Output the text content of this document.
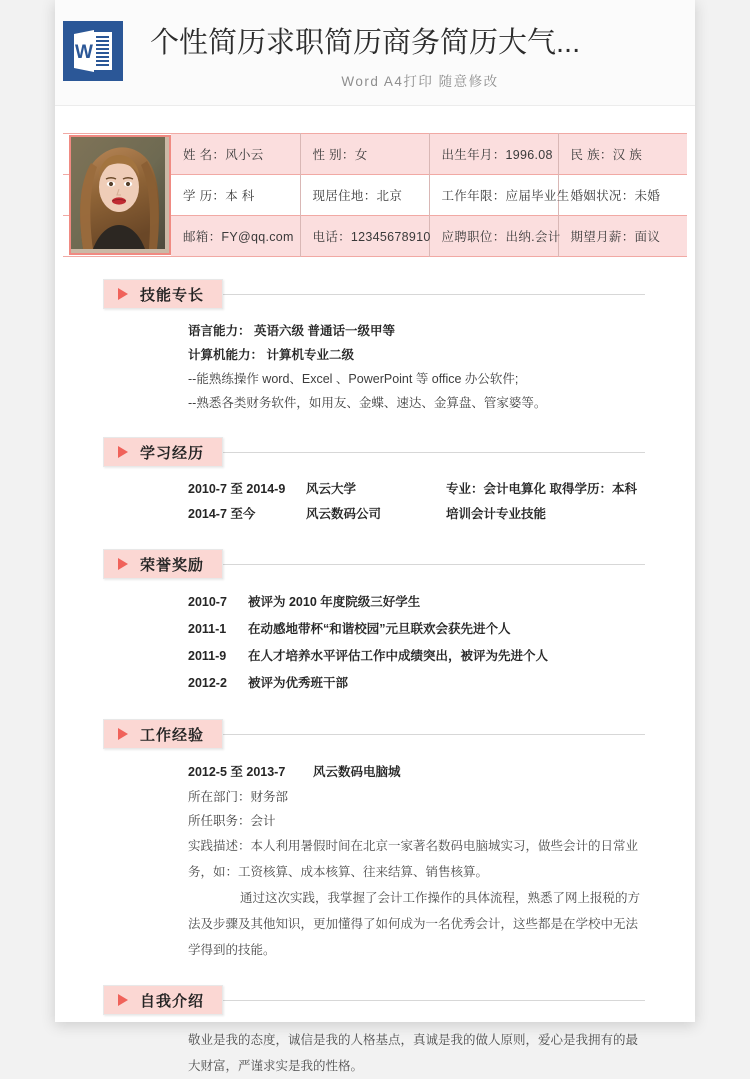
W 个性简历求职简历商务简历大气...
Word A4打印 随意修改
	姓 名：风小云	性 别：女	出生年月：1996.08	民 族：汉 族
	学 历：本 科	现居住地：北京	工作年限：应届毕业生	婚姻状况：未婚
	邮箱：FY@qq.com	电话：12345678910	应聘职位：出纳.会计	期望月薪：面议
技能专长
语言能力： 英语六级 普通话一级甲等
计算机能力： 计算机专业二级
--能熟练操作 word、Excel 、PowerPoint 等 office 办公软件;
--熟悉各类财务软件，如用友、金蝶、速达、金算盘、管家婆等。
学习经历
2010-7 至 2014-9 风云大学	专业：会计电算化 取得学历：本科
2014-7 至今	风云数码公司	培训会计专业技能
荣誉奖励
2010-7 被评为 2010 年度院级三好学生
2011-1 在动感地带杯“和谐校园”元旦联欢会获先进个人
2011-9 在人才培养水平评估工作中成绩突出，被评为先进个人
2012-2 被评为优秀班干部
工作经验
2012-5 至 2013-7 风云数码电脑城
所在部门：财务部
所任职务：会计
实践描述：本人利用暑假时间在北京一家著名数码电脑城实习，做些会计的日常业务，如：工资核算、成本核算、往来结算、销售核算。
通过这次实践，我掌握了会计工作操作的具体流程，熟悉了网上报税的方法及步骤及其他知识，更加懂得了如何成为一名优秀会计，这些都是在学校中无法学得到的技能。
自我介绍
敬业是我的态度，诚信是我的人格基点，真诚是我的做人原则，爱心是我拥有的最大财富，严谨求实是我的性格。
